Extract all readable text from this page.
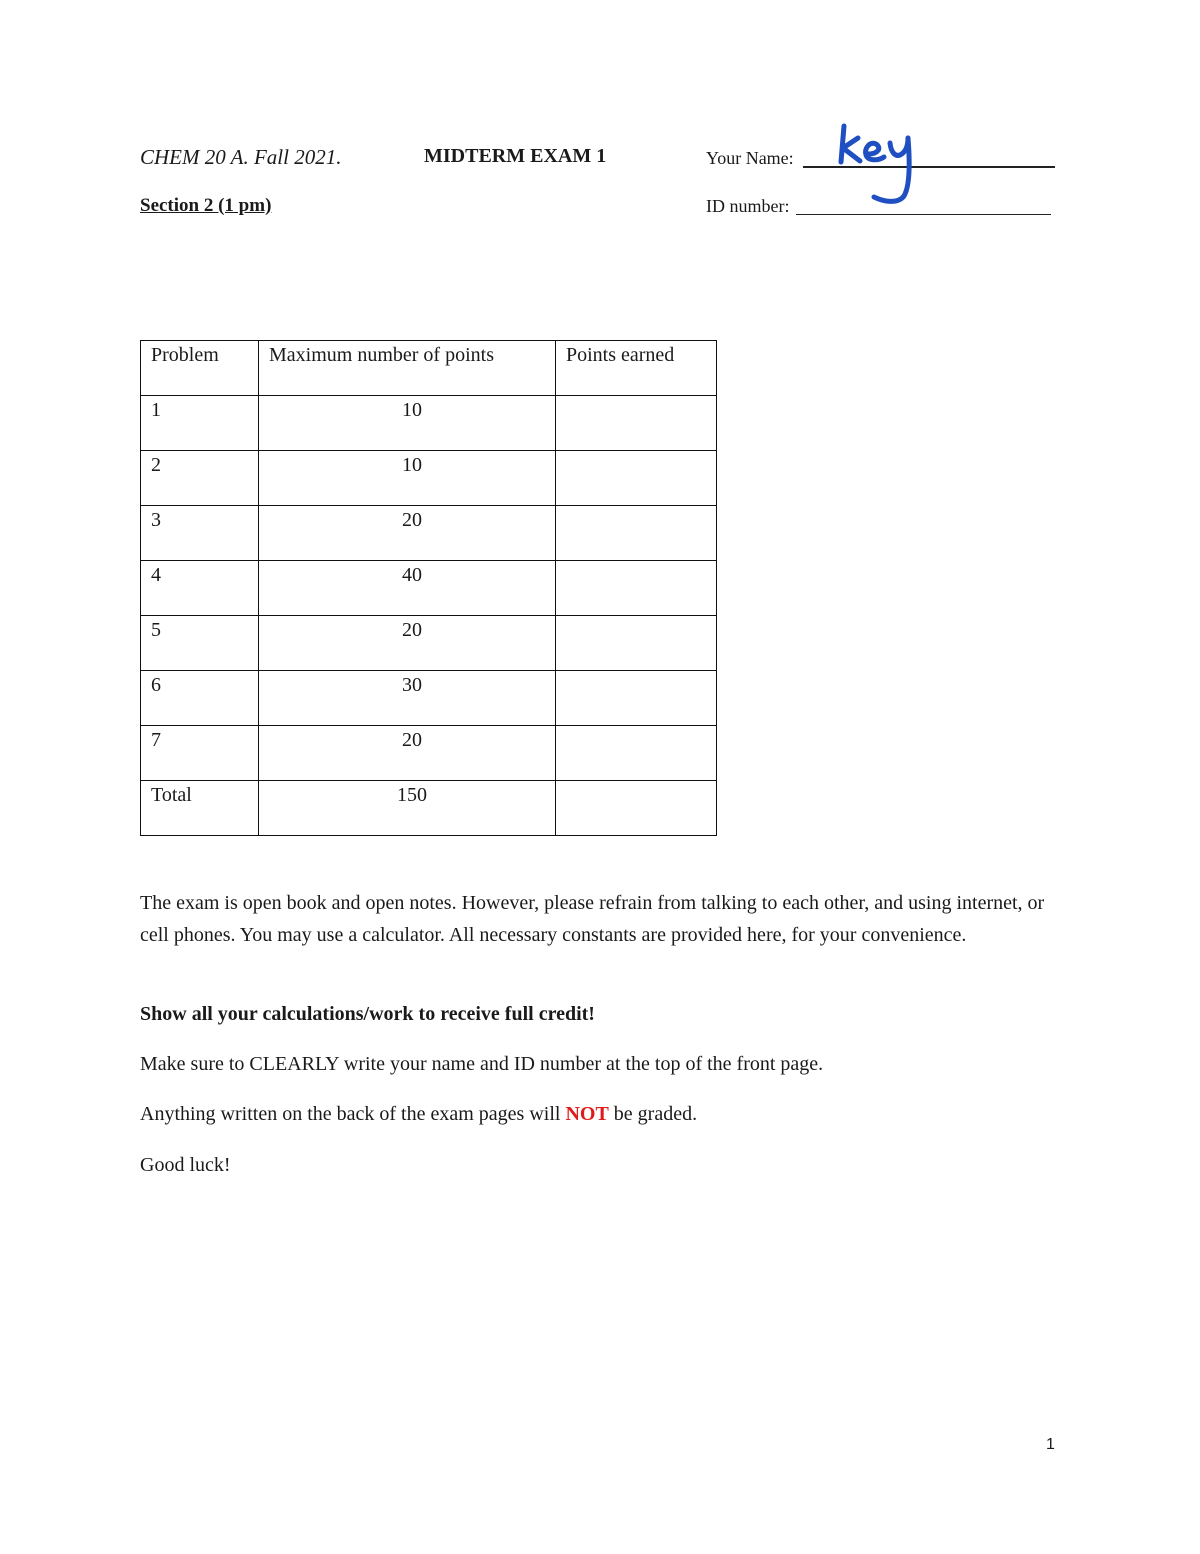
CHEM 20 A. Fall 2021.	MIDTERM EXAM 1
Section 2 (1 pm)
Your Name:
ID number:
Problem	Maximum number of points	Points earned
1	10	
2	10	
3	20	
4	40	
5	20	
6	30	
7	20	
Total	150	
The exam is open book and open notes. However, please refrain from talking to each other, and using internet, or cell phones. You may use a calculator. All necessary constants are provided here, for your convenience.
Show all your calculations/work to receive full credit!
Make sure to CLEARLY write your name and ID number at the top of the front page.
Anything written on the back of the exam pages will NOT be graded.
Good luck!
1
